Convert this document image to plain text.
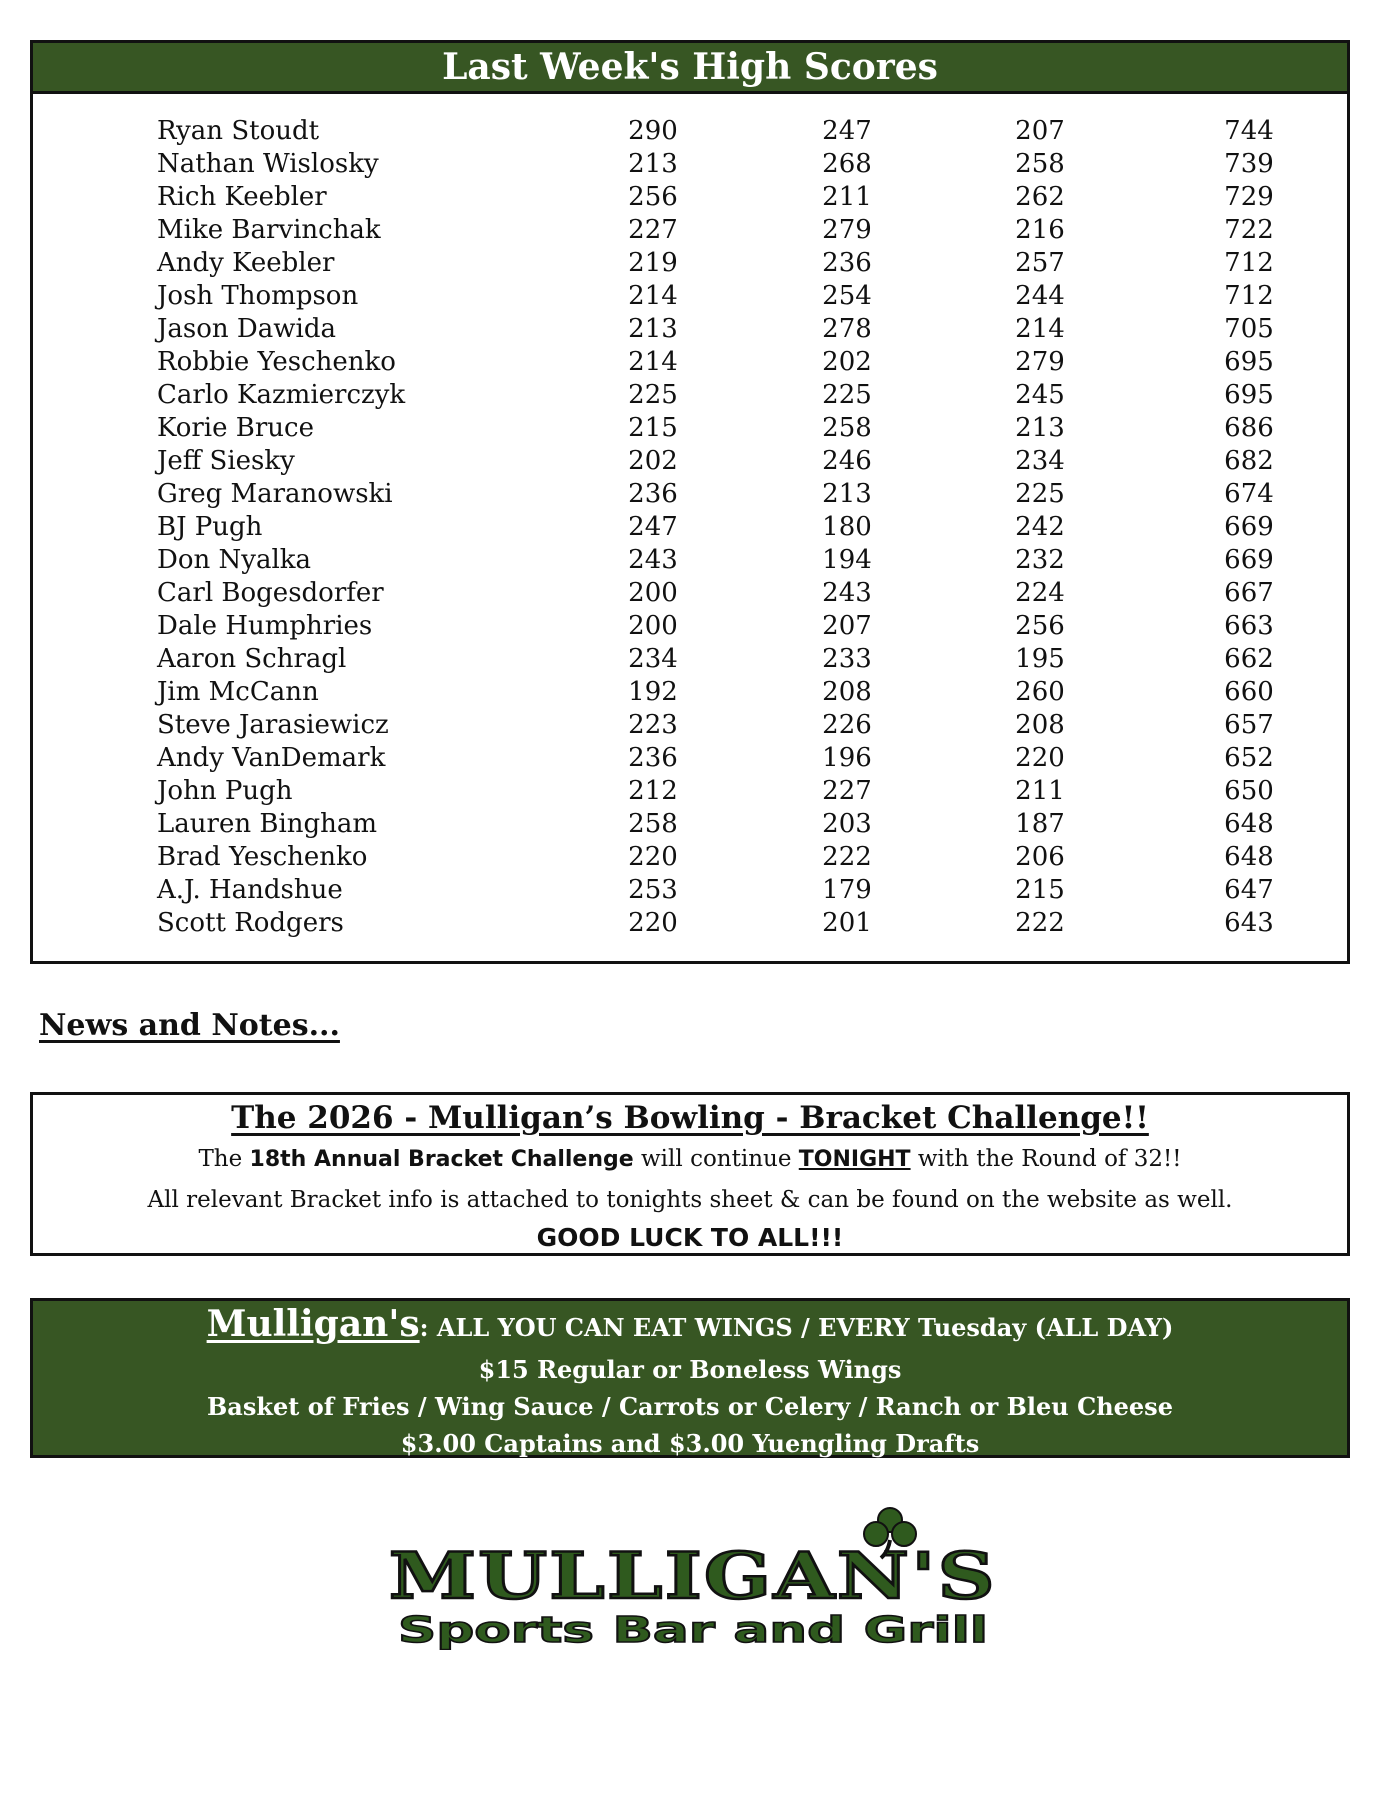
Last Week's High Scores
Ryan Stoudt	290	247	207	744
Nathan Wislosky	213	268	258	739
Rich Keebler	256	211	262	729
Mike Barvinchak	227	279	216	722
Andy Keebler	219	236	257	712
Josh Thompson	214	254	244	712
Jason Dawida	213	278	214	705
Robbie Yeschenko	214	202	279	695
Carlo Kazmierczyk	225	225	245	695
Korie Bruce	215	258	213	686
Jeff Siesky	202	246	234	682
Greg Maranowski	236	213	225	674
BJ Pugh	247	180	242	669
Don Nyalka	243	194	232	669
Carl Bogesdorfer	200	243	224	667
Dale Humphries	200	207	256	663
Aaron Schragl	234	233	195	662
Jim McCann	192	208	260	660
Steve Jarasiewicz	223	226	208	657
Andy VanDemark	236	196	220	652
John Pugh	212	227	211	650
Lauren Bingham	258	203	187	648
Brad Yeschenko	220	222	206	648
A.J. Handshue	253	179	215	647
Scott Rodgers	220	201	222	643
News and Notes...
The 2026 - Mulligan’s Bowling - Bracket Challenge!!
The 18th Annual Bracket Challenge will continue TONIGHT with the Round of 32!!
All relevant Bracket info is attached to tonights sheet & can be found on the website as well.
GOOD LUCK TO ALL!!!
Mulligan's: ALL YOU CAN EAT WINGS / EVERY Tuesday (ALL DAY)
$15 Regular or Boneless Wings
Basket of Fries / Wing Sauce / Carrots or Celery / Ranch or Bleu Cheese
$3.00 Captains and $3.00 Yuengling Drafts
MULLIGAN'S
Sports Bar and Grill
